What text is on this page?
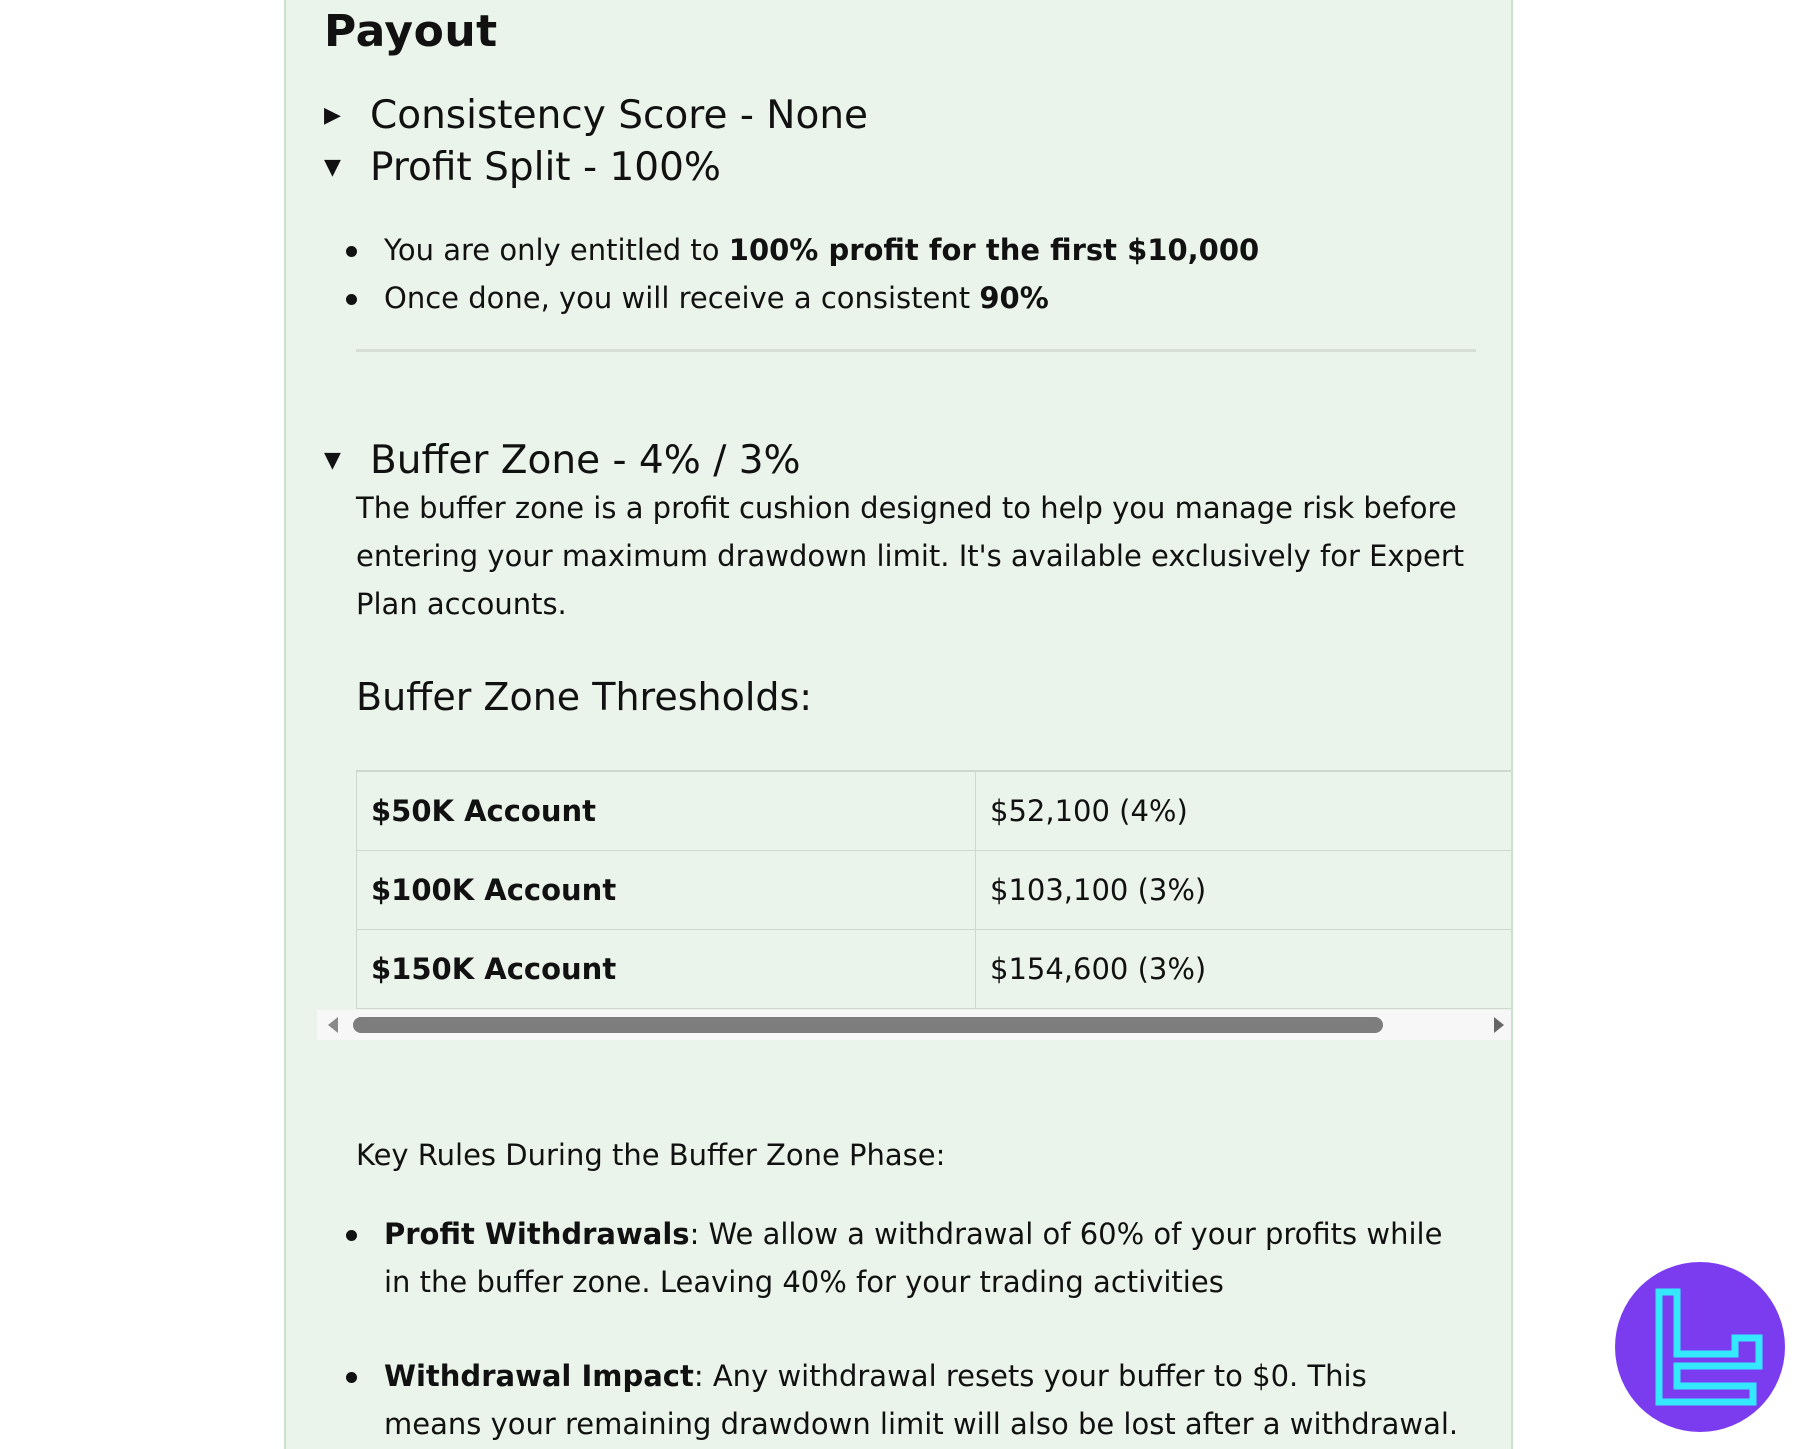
Payout
▶ Consistency Score - None
▼ Profit Split - 100%
You are only entitled to 100% profit for the first $10,000
Once done, you will receive a consistent 90%
▼ Buffer Zone - 4% / 3%

The buffer zone is a profit cushion designed to help you manage risk before entering your maximum drawdown limit. It's available exclusively for Expert Plan accounts.

Buffer Zone Thresholds:
$50K Account	$52,100 (4%)
$100K Account	$103,100 (3%)
$150K Account	$154,600 (3%)

Key Rules During the Buffer Zone Phase:

Profit Withdrawals: We allow a withdrawal of 60% of your profits while in the buffer zone. Leaving 40% for your trading activities
Withdrawal Impact: Any withdrawal resets your buffer to $0. This means your remaining drawdown limit will also be lost after a withdrawal.
